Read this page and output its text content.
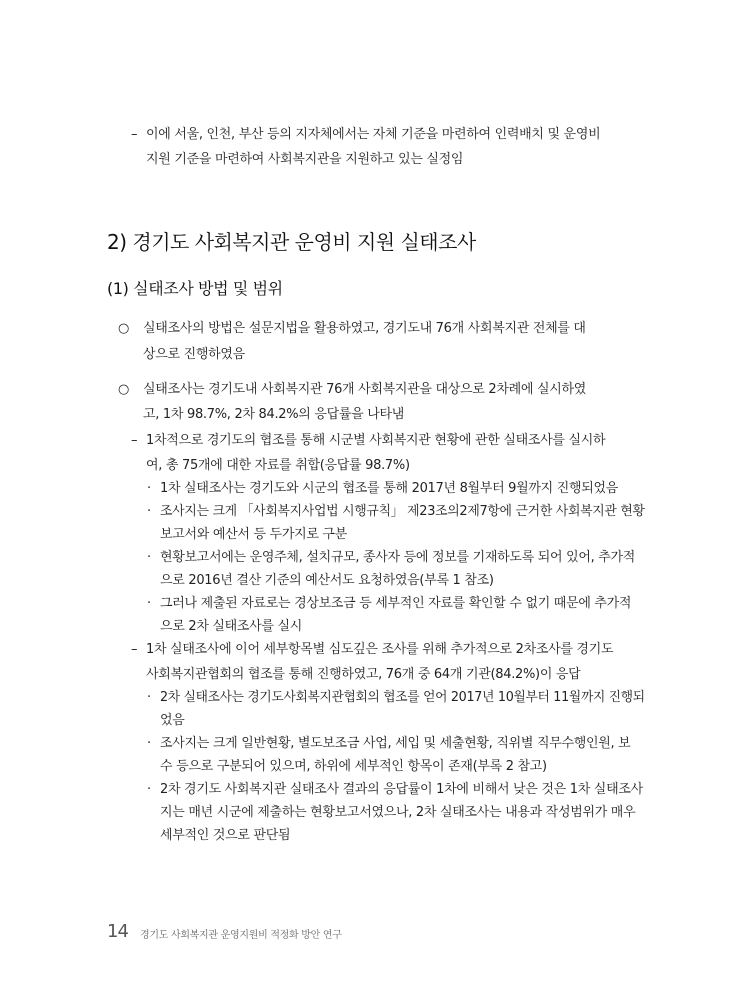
– 이에 서울, 인천, 부산 등의 지자체에서는 자체 기준을 마련하여 인력배치 및 운영비
지원 기준을 마련하여 사회복지관을 지원하고 있는 실정임
2) 경기도 사회복지관 운영비 지원 실태조사
(1) 실태조사 방법 및 범위
○ 실태조사의 방법은 설문지법을 활용하였고, 경기도내 76개 사회복지관 전체를 대
상으로 진행하였음
○ 실태조사는 경기도내 사회복지관 76개 사회복지관을 대상으로 2차례에 실시하였
고, 1차 98.7%, 2차 84.2%의 응답률을 나타냄
– 1차적으로 경기도의 협조를 통해 시군별 사회복지관 현황에 관한 실태조사를 실시하
여, 총 75개에 대한 자료를 취합(응답률 98.7%)
· 1차 실태조사는 경기도와 시군의 협조를 통해 2017년 8월부터 9월까지 진행되었음
· 조사지는 크게 「사회복지사업법 시행규칙」 제23조의2제7항에 근거한 사회복지관 현황
보고서와 예산서 등 두가지로 구분
· 현황보고서에는 운영주체, 설치규모, 종사자 등에 정보를 기재하도록 되어 있어, 추가적
으로 2016년 결산 기준의 예산서도 요청하였음(부록 1 참조)
· 그러나 제출된 자료로는 경상보조금 등 세부적인 자료를 확인할 수 없기 때문에 추가적
으로 2차 실태조사를 실시
– 1차 실태조사에 이어 세부항목별 심도깊은 조사를 위해 추가적으로 2차조사를 경기도
사회복지관협회의 협조를 통해 진행하였고, 76개 중 64개 기관(84.2%)이 응답
· 2차 실태조사는 경기도사회복지관협회의 협조를 얻어 2017년 10월부터 11월까지 진행되
었음
· 조사지는 크게 일반현황, 별도보조금 사업, 세입 및 세출현황, 직위별 직무수행인원, 보
수 등으로 구분되어 있으며, 하위에 세부적인 항목이 존재(부록 2 참고)
· 2차 경기도 사회복지관 실태조사 결과의 응답률이 1차에 비해서 낮은 것은 1차 실태조사
지는 매년 시군에 제출하는 현황보고서였으나, 2차 실태조사는 내용과 작성범위가 매우
세부적인 것으로 판단됨
14 경기도 사회복지관 운영지원비 적정화 방안 연구
